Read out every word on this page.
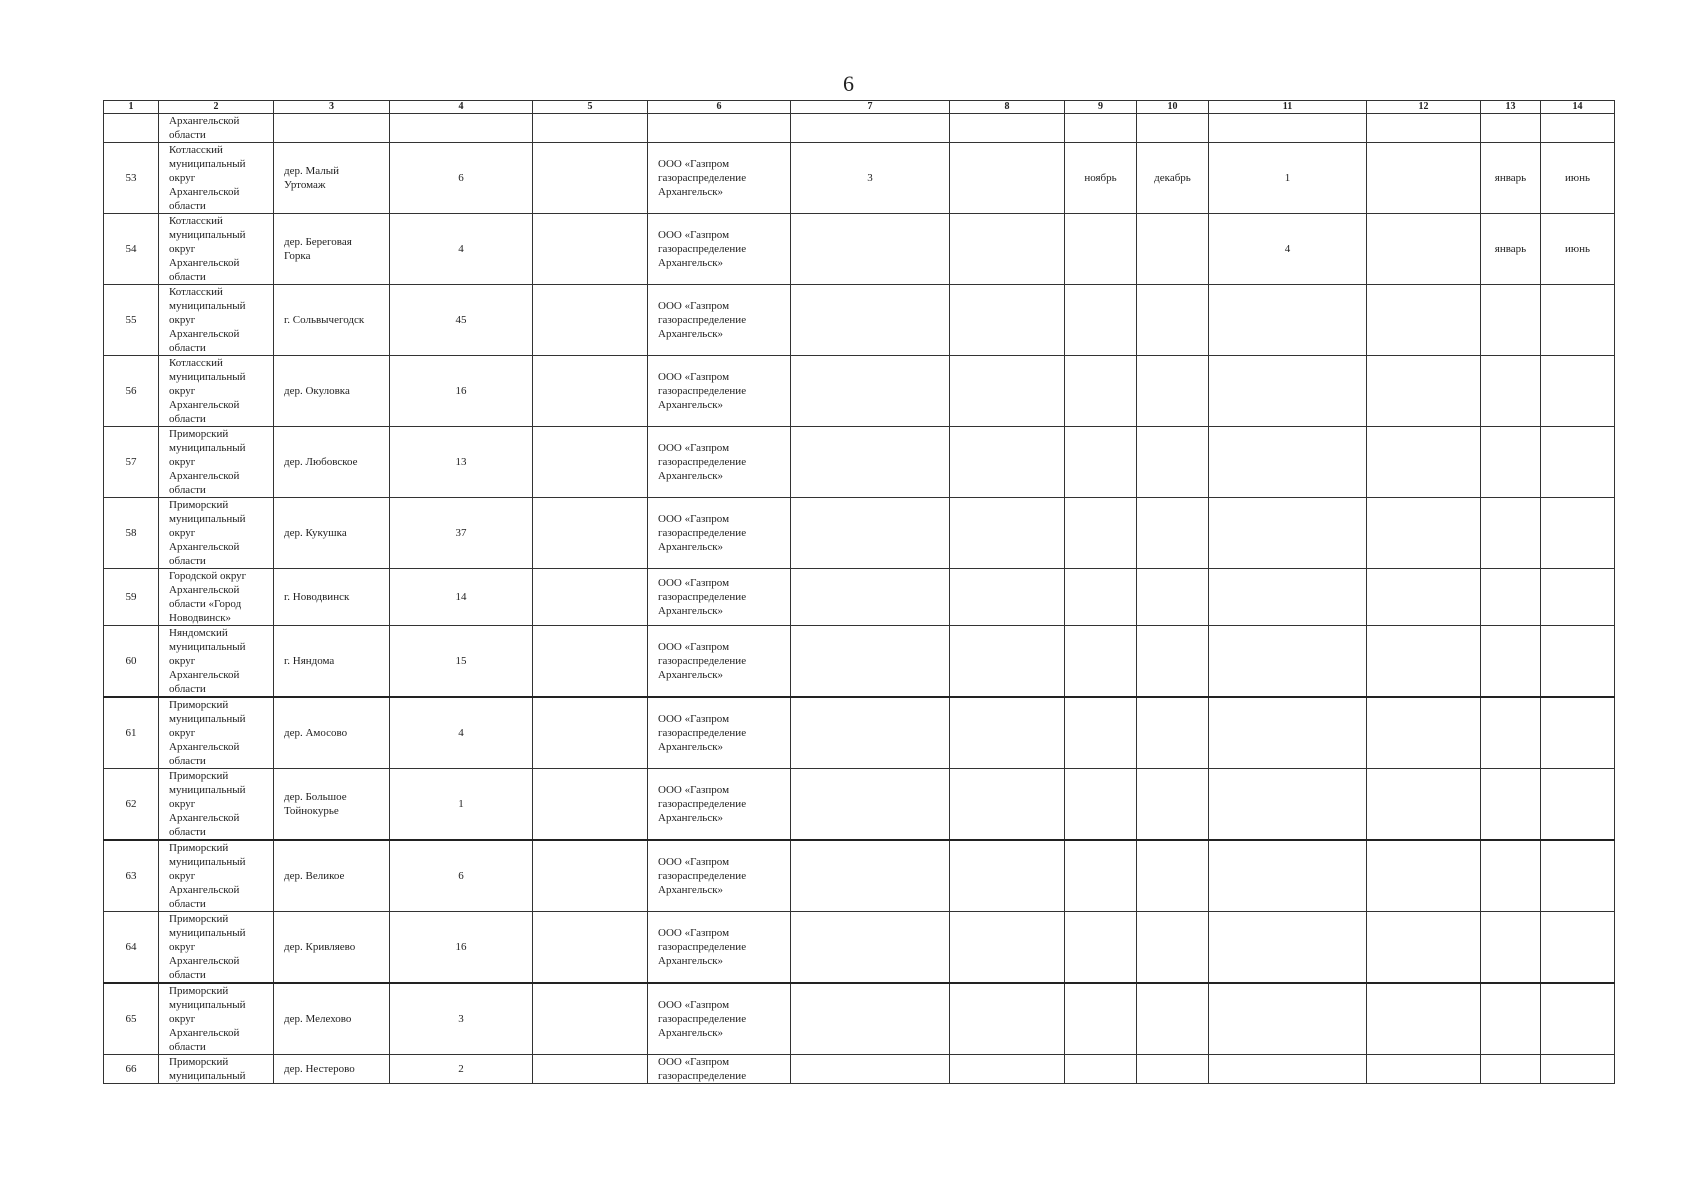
6
1	2	3	4	5	6	7	8	9	10	11	12	13	14

	Архангельской
области												

53	Котласский
муниципальный
округ
Архангельской
области	дер. Малый
Уртомаж	6		ООО «Газпром
газораспределение
Архангельск»	3		ноябрь	декабрь	1		январь	июнь

54	Котласский
муниципальный
округ
Архангельской
области	дер. Береговая
Горка	4		ООО «Газпром
газораспределение
Архангельск»					4		январь	июнь

55	Котласский
муниципальный
округ
Архангельской
области	г. Сольвычегодск	45		ООО «Газпром
газораспределение
Архангельск»								

56	Котласский
муниципальный
округ
Архангельской
области	дер. Окуловка	16		ООО «Газпром
газораспределение
Архангельск»								

57	Приморский
муниципальный
округ
Архангельской
области	дер. Любовское	13		ООО «Газпром
газораспределение
Архангельск»								

58	Приморский
муниципальный
округ
Архангельской
области	дер. Кукушка	37		ООО «Газпром
газораспределение
Архангельск»								

59	Городской округ
Архангельской
области «Город
Новодвинск»	г. Новодвинск	14		ООО «Газпром
газораспределение
Архангельск»								

60	Няндомский
муниципальный
округ
Архангельской
области	г. Няндома	15		ООО «Газпром
газораспределение
Архангельск»								

61	Приморский
муниципальный
округ
Архангельской
области	дер. Амосово	4		ООО «Газпром
газораспределение
Архангельск»								

62	Приморский
муниципальный
округ
Архангельской
области	дер. Большое
Тойнокурье	1		ООО «Газпром
газораспределение
Архангельск»								

63	Приморский
муниципальный
округ
Архангельской
области	дер. Великое	6		ООО «Газпром
газораспределение
Архангельск»								

64	Приморский
муниципальный
округ
Архангельской
области	дер. Кривляево	16		ООО «Газпром
газораспределение
Архангельск»								

65	Приморский
муниципальный
округ
Архангельской
области	дер. Мелехово	3		ООО «Газпром
газораспределение
Архангельск»								

66	Приморский
муниципальный	дер. Нестерово	2		ООО «Газпром
газораспределение								
